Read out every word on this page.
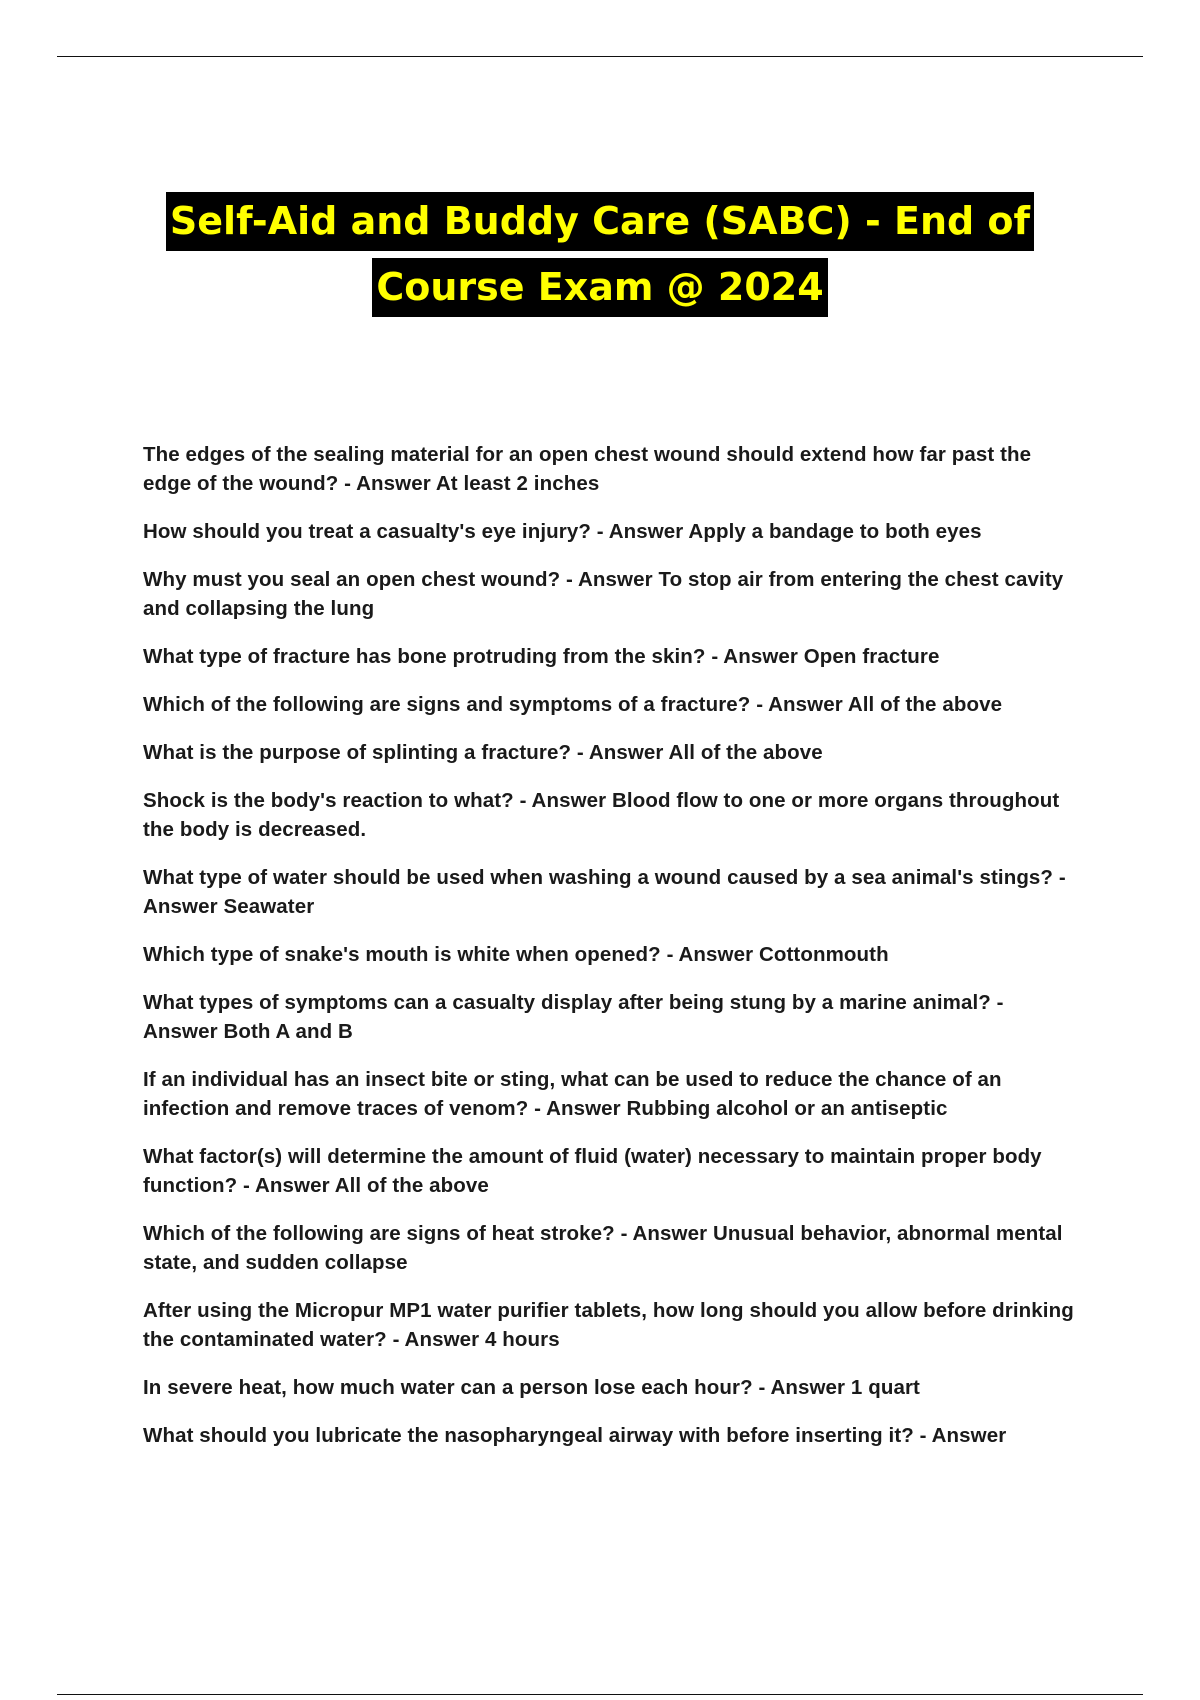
Self-Aid and Buddy Care (SABC) - End of
Course Exam @ 2024

The edges of the sealing material for an open chest wound should extend how far past the edge of the wound? - Answer At least 2 inches

How should you treat a casualty's eye injury? - Answer Apply a bandage to both eyes

Why must you seal an open chest wound? - Answer To stop air from entering the chest cavity and collapsing the lung

What type of fracture has bone protruding from the skin? - Answer Open fracture

Which of the following are signs and symptoms of a fracture? - Answer All of the above

What is the purpose of splinting a fracture? - Answer All of the above

Shock is the body's reaction to what? - Answer Blood flow to one or more organs throughout the body is decreased.

What type of water should be used when washing a wound caused by a sea animal's stings? - Answer Seawater

Which type of snake's mouth is white when opened? - Answer Cottonmouth

What types of symptoms can a casualty display after being stung by a marine animal? - Answer Both A and B

If an individual has an insect bite or sting, what can be used to reduce the chance of an infection and remove traces of venom? - Answer Rubbing alcohol or an antiseptic

What factor(s) will determine the amount of fluid (water) necessary to maintain proper body function? - Answer All of the above

Which of the following are signs of heat stroke? - Answer Unusual behavior, abnormal mental state, and sudden collapse

After using the Micropur MP1 water purifier tablets, how long should you allow before drinking the contaminated water? - Answer 4 hours

In severe heat, how much water can a person lose each hour? - Answer 1 quart

What should you lubricate the nasopharyngeal airway with before inserting it? - Answer
